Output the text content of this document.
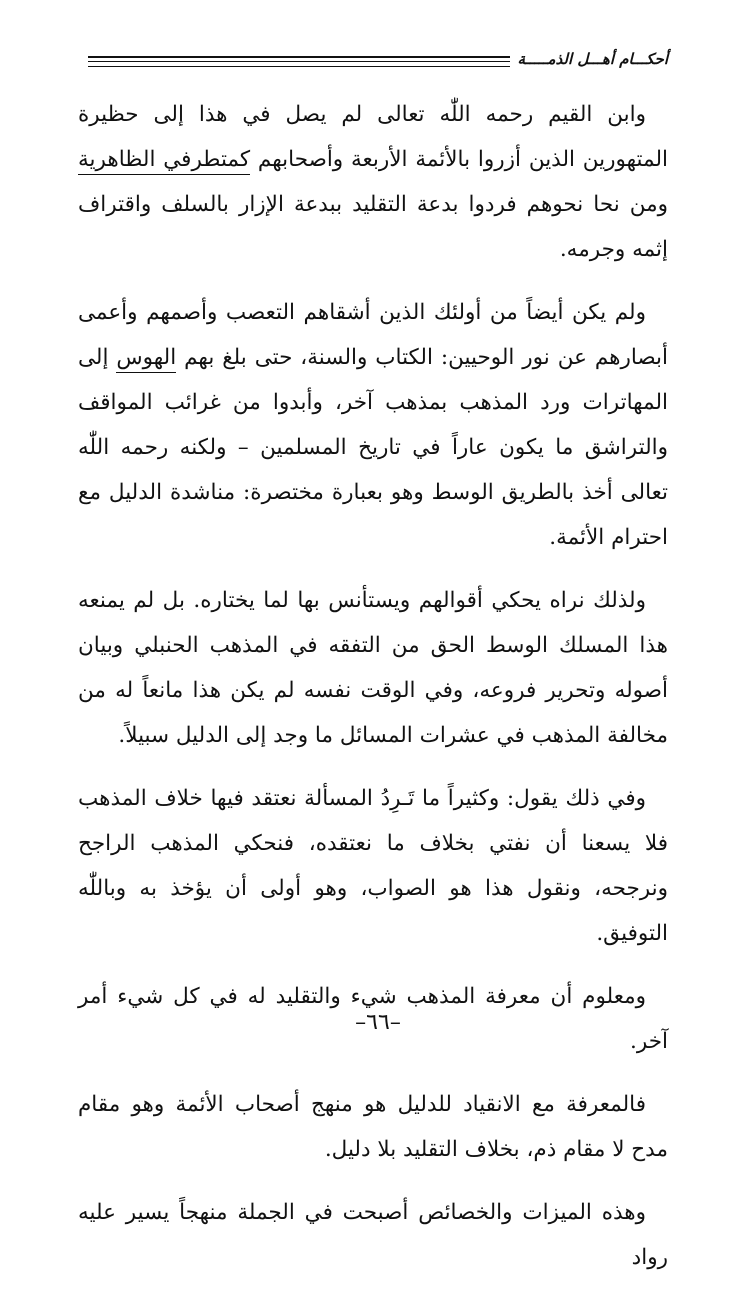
أحكـــام أهـــل الذمـــــة

وابن القيم رحمه اللّٰه تعالى لم يصل في هذا إلى حظيرة المتهورين الذين أزروا بالأئمة الأربعة وأصحابهم كمتطرفي الظاهرية ومن نحا نحوهم فردوا بدعة التقليد ببدعة الإزار بالسلف واقتراف إثمه وجرمه.

ولم يكن أيضاً من أولئك الذين أشقاهم التعصب وأصمهم وأعمى أبصارهم عن نور الوحيين: الكتاب والسنة، حتى بلغ بهم الهوس إلى المهاترات ورد المذهب بمذهب آخر، وأبدوا من غرائب المواقف والتراشق ما يكون عاراً في تاريخ المسلمين – ولكنه رحمه اللّٰه تعالى أخذ بالطريق الوسط وهو بعبارة مختصرة: مناشدة الدليل مع احترام الأئمة.

ولذلك نراه يحكي أقوالهم ويستأنس بها لما يختاره. بل لم يمنعه هذا المسلك الوسط الحق من التفقه في المذهب الحنبلي وبيان أصوله وتحرير فروعه، وفي الوقت نفسه لم يكن هذا مانعاً له من مخالفة المذهب في عشرات المسائل ما وجد إلى الدليل سبيلاً.

وفي ذلك يقول: وكثيراً ما تَـرِدُ المسألة نعتقد فيها خلاف المذهب فلا يسعنا أن نفتي بخلاف ما نعتقده، فنحكي المذهب الراجح ونرجحه، ونقول هذا هو الصواب، وهو أولى أن يؤخذ به وباللّٰه التوفيق.

ومعلوم أن معرفة المذهب شيء والتقليد له في كل شيء أمر آخر.

فالمعرفة مع الانقياد للدليل هو منهج أصحاب الأئمة وهو مقام مدح لا مقام ذم، بخلاف التقليد بلا دليل.

وهذه الميزات والخصائص أصبحت في الجملة منهجاً يسير عليه رواد

–٦٦–
